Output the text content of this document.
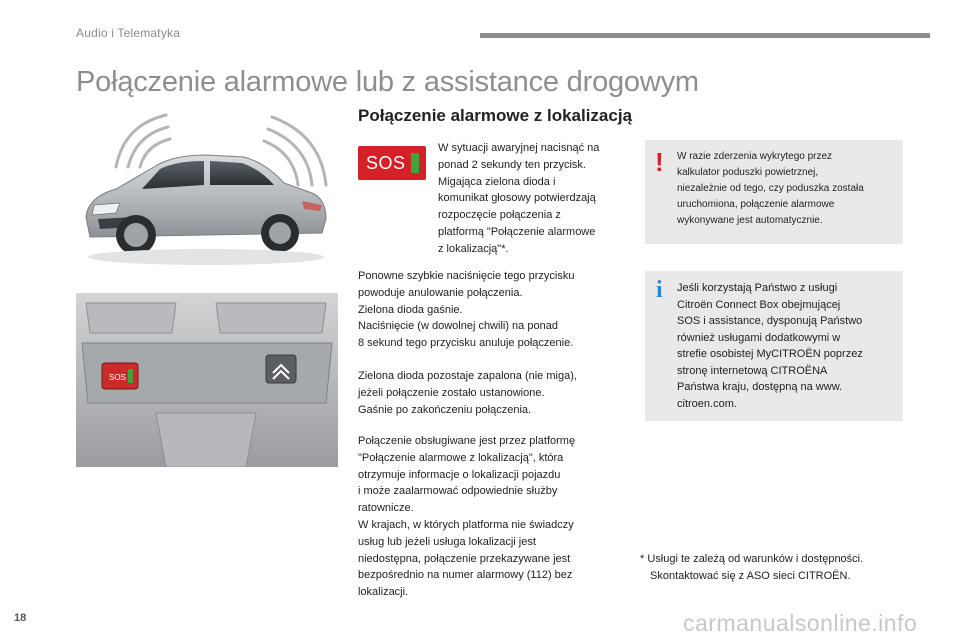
Audio i Telematyka
Połączenie alarmowe lub z assistance drogowym
Połączenie alarmowe z lokalizacją
SOS
SOS
W sytuacji awaryjnej nacisnąć na
ponad 2 sekundy ten przycisk.
Migająca zielona dioda i
komunikat głosowy potwierdzają
rozpoczęcie połączenia z
platformą "Połączenie alarmowe
z lokalizacją"*.
Ponowne szybkie naciśnięcie tego przycisku
powoduje anulowanie połączenia.
Zielona dioda gaśnie.
Naciśnięcie (w dowolnej chwili) na ponad
8 sekund tego przycisku anuluje połączenie.
Zielona dioda pozostaje zapalona (nie miga),
jeżeli połączenie zostało ustanowione.
Gaśnie po zakończeniu połączenia.
Połączenie obsługiwane jest przez platformę
"Połączenie alarmowe z lokalizacją", która
otrzymuje informacje o lokalizacji pojazdu
i może zaalarmować odpowiednie służby
ratownicze.
W krajach, w których platforma nie świadczy
usług lub jeżeli usługa lokalizacji jest
niedostępna, połączenie przekazywane jest
bezpośrednio na numer alarmowy (112) bez
lokalizacji.
! W razie zderzenia wykrytego przez
kalkulator poduszki powietrznej,
niezależnie od tego, czy poduszka została
uruchomiona, połączenie alarmowe
wykonywane jest automatycznie.
i Jeśli korzystają Państwo z usługi
Citroën Connect Box obejmującej
SOS i assistance, dysponują Państwo
również usługami dodatkowymi w
strefie osobistej MyCITROËN poprzez
stronę internetową CITROËNA
Państwa kraju, dostępną na www.
citroen.com.
* Usługi te zależą od warunków i dostępności.
Skontaktować się z ASO sieci CITROËN.
18	carmanualsonline.info
